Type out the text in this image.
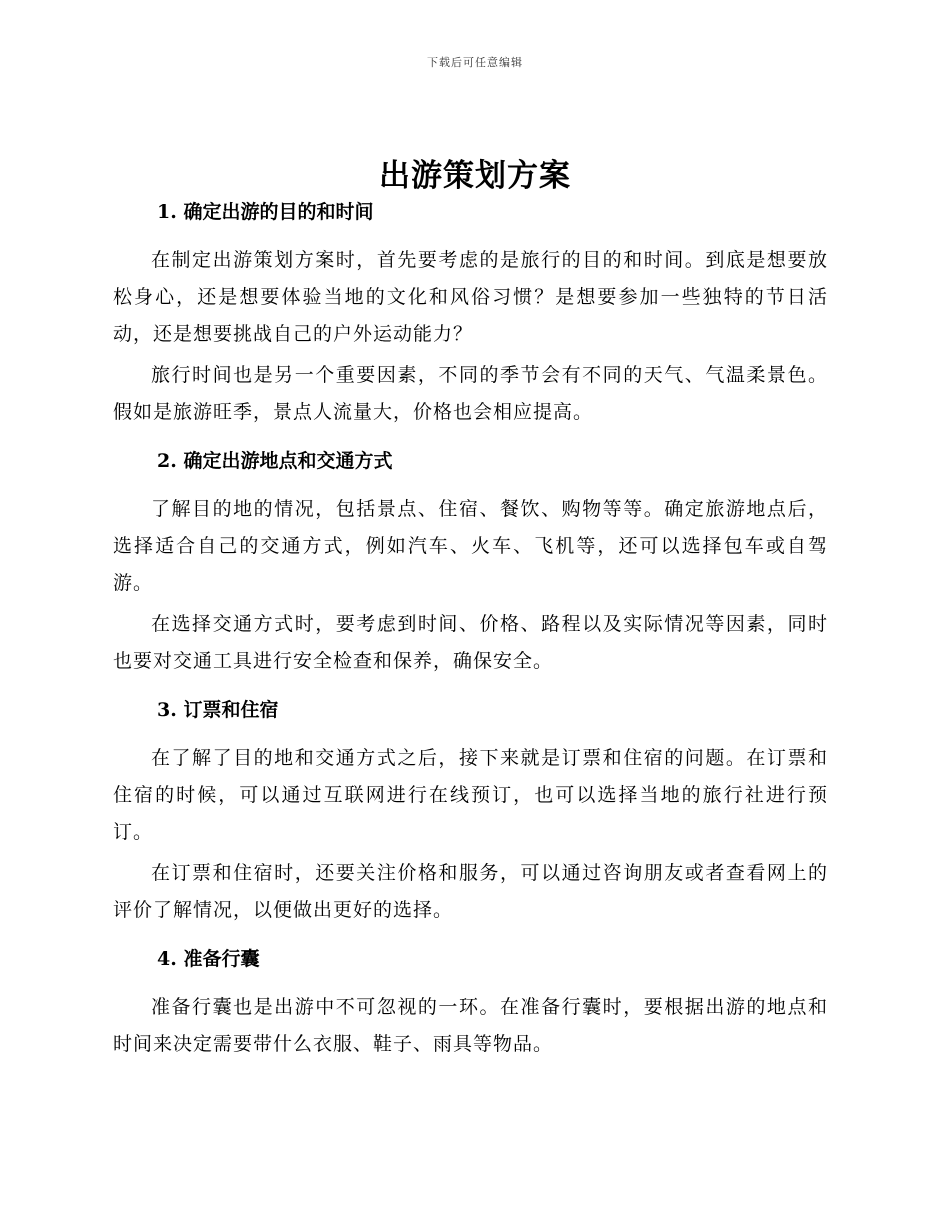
下载后可任意编辑
出游策划方案
1. 确定出游的目的和时间

在制定出游策划方案时，首先要考虑的是旅行的目的和时间。到底是想要放松身心，还是想要体验当地的文化和风俗习惯？是想要参加一些独特的节日活动，还是想要挑战自己的户外运动能力？

旅行时间也是另一个重要因素，不同的季节会有不同的天气、气温柔景色。假如是旅游旺季，景点人流量大，价格也会相应提高。

2. 确定出游地点和交通方式

了解目的地的情况，包括景点、住宿、餐饮、购物等等。确定旅游地点后，选择适合自己的交通方式，例如汽车、火车、飞机等，还可以选择包车或自驾游。

在选择交通方式时，要考虑到时间、价格、路程以及实际情况等因素，同时也要对交通工具进行安全检查和保养，确保安全。

3. 订票和住宿

在了解了目的地和交通方式之后，接下来就是订票和住宿的问题。在订票和住宿的时候，可以通过互联网进行在线预订，也可以选择当地的旅行社进行预订。

在订票和住宿时，还要关注价格和服务，可以通过咨询朋友或者查看网上的评价了解情况，以便做出更好的选择。

4. 准备行囊

准备行囊也是出游中不可忽视的一环。在准备行囊时，要根据出游的地点和时间来决定需要带什么衣服、鞋子、雨具等物品。
